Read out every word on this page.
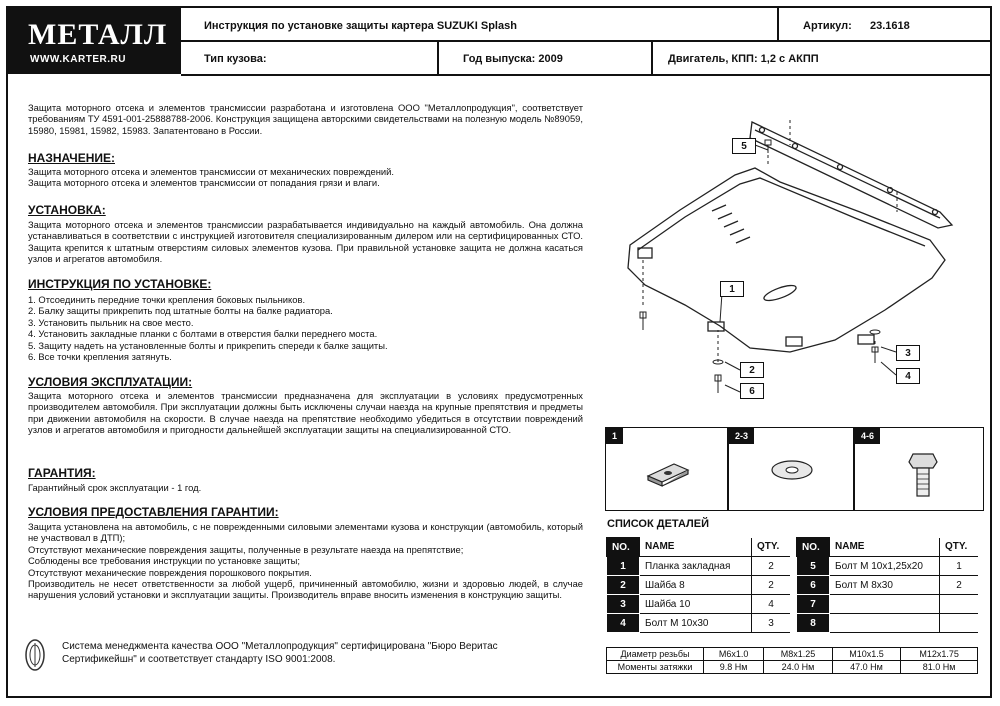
МЕТАЛЛ
WWW.KARTER.RU
Инструкция по установке защиты картера SUZUKI Splash	Артикул:	23.1618
Тип кузова:	Год выпуска: 2009	Двигатель, КПП: 1,2 с АКПП
Защита моторного отсека и элементов трансмиссии разработана и изготовлена ООО "Металлопродукция", соответствует требованиям ТУ 4591-001-25888788-2006. Конструкция защищена авторскими свидетельствами на полезную модель №89059, 15980, 15981, 15982, 15983. Запатентовано в России.
НАЗНАЧЕНИЕ:
Защита моторного отсека и элементов трансмиссии от механических повреждений.
Защита моторного отсека и элементов трансмиссии от попадания грязи и влаги.
УСТАНОВКА:
Защита моторного отсека и элементов трансмиссии разрабатывается индивидуально на каждый автомобиль. Она должна устанавливаться в соответствии с инструкцией изготовителя специализированным дилером или на сертифицированных СТО. Защита крепится к штатным отверстиям силовых элементов кузова. При правильной установке защита не должна касаться узлов и агрегатов автомобиля.
ИНСТРУКЦИЯ ПО УСТАНОВКЕ:
1. Отсоединить передние точки крепления боковых пыльников.
2. Балку защиты прикрепить под штатные болты на балке радиатора.
3. Установить пыльник на свое место.
4. Установить закладные планки с болтами в отверстия балки переднего моста.
5. Защиту надеть на установленные болты и прикрепить спереди к балке защиты.
6. Все точки крепления затянуть.
УСЛОВИЯ ЭКСПЛУАТАЦИИ:
Защита моторного отсека и элементов трансмиссии предназначена для эксплуатации в условиях предусмотренных производителем автомобиля. При эксплуатации должны быть исключены случаи наезда на крупные препятствия и предметы при движении автомобиля на скорости. В случае наезда на препятствие необходимо убедиться в отсутствии повреждений узлов и агрегатов автомобиля и пригодности дальнейшей эксплуатации защиты на специализированной СТО.
ГАРАНТИЯ:
Гарантийный срок эксплуатации - 1 год.
УСЛОВИЯ ПРЕДОСТАВЛЕНИЯ ГАРАНТИИ:
Защита установлена на автомобиль, с не поврежденными силовыми элементами кузова и конструкции (автомобиль, который не участвовал в ДТП);
Отсутствуют механические повреждения защиты, полученные в результате наезда на препятствие;
Соблюдены все требования инструкции по установке защиты;
Отсутствуют механические повреждения порошкового покрытия.
Производитель не несет ответственности за любой ущерб, причиненный автомобилю, жизни и здоровью людей, в случае нарушения условий установки и эксплуатации защиты. Производитель вправе вносить изменения в конструкцию защиты.
Система менеджмента качества ООО "Металлопродукция" сертифицирована "Бюро Веритас
Сертификейшн" и соответствует стандарту ISO 9001:2008.
5
1
2
6
3
4
1	2-3	4-6
СПИСОК ДЕТАЛЕЙ
NO.	NAME	QTY.
1	Планка закладная	2
2	Шайба 8	2
3	Шайба 10	4
4	Болт М 10х30	3
NO.	NAME	QTY.
5	Болт М 10х1,25х20	1
6	Болт М 8х30	2
7		
8		
Диаметр резьбы	М6х1.0	М8х1.25	М10х1.5	М12х1.75
Моменты затяжки	9.8 Нм	24.0 Нм	47.0 Нм	81.0 Нм
